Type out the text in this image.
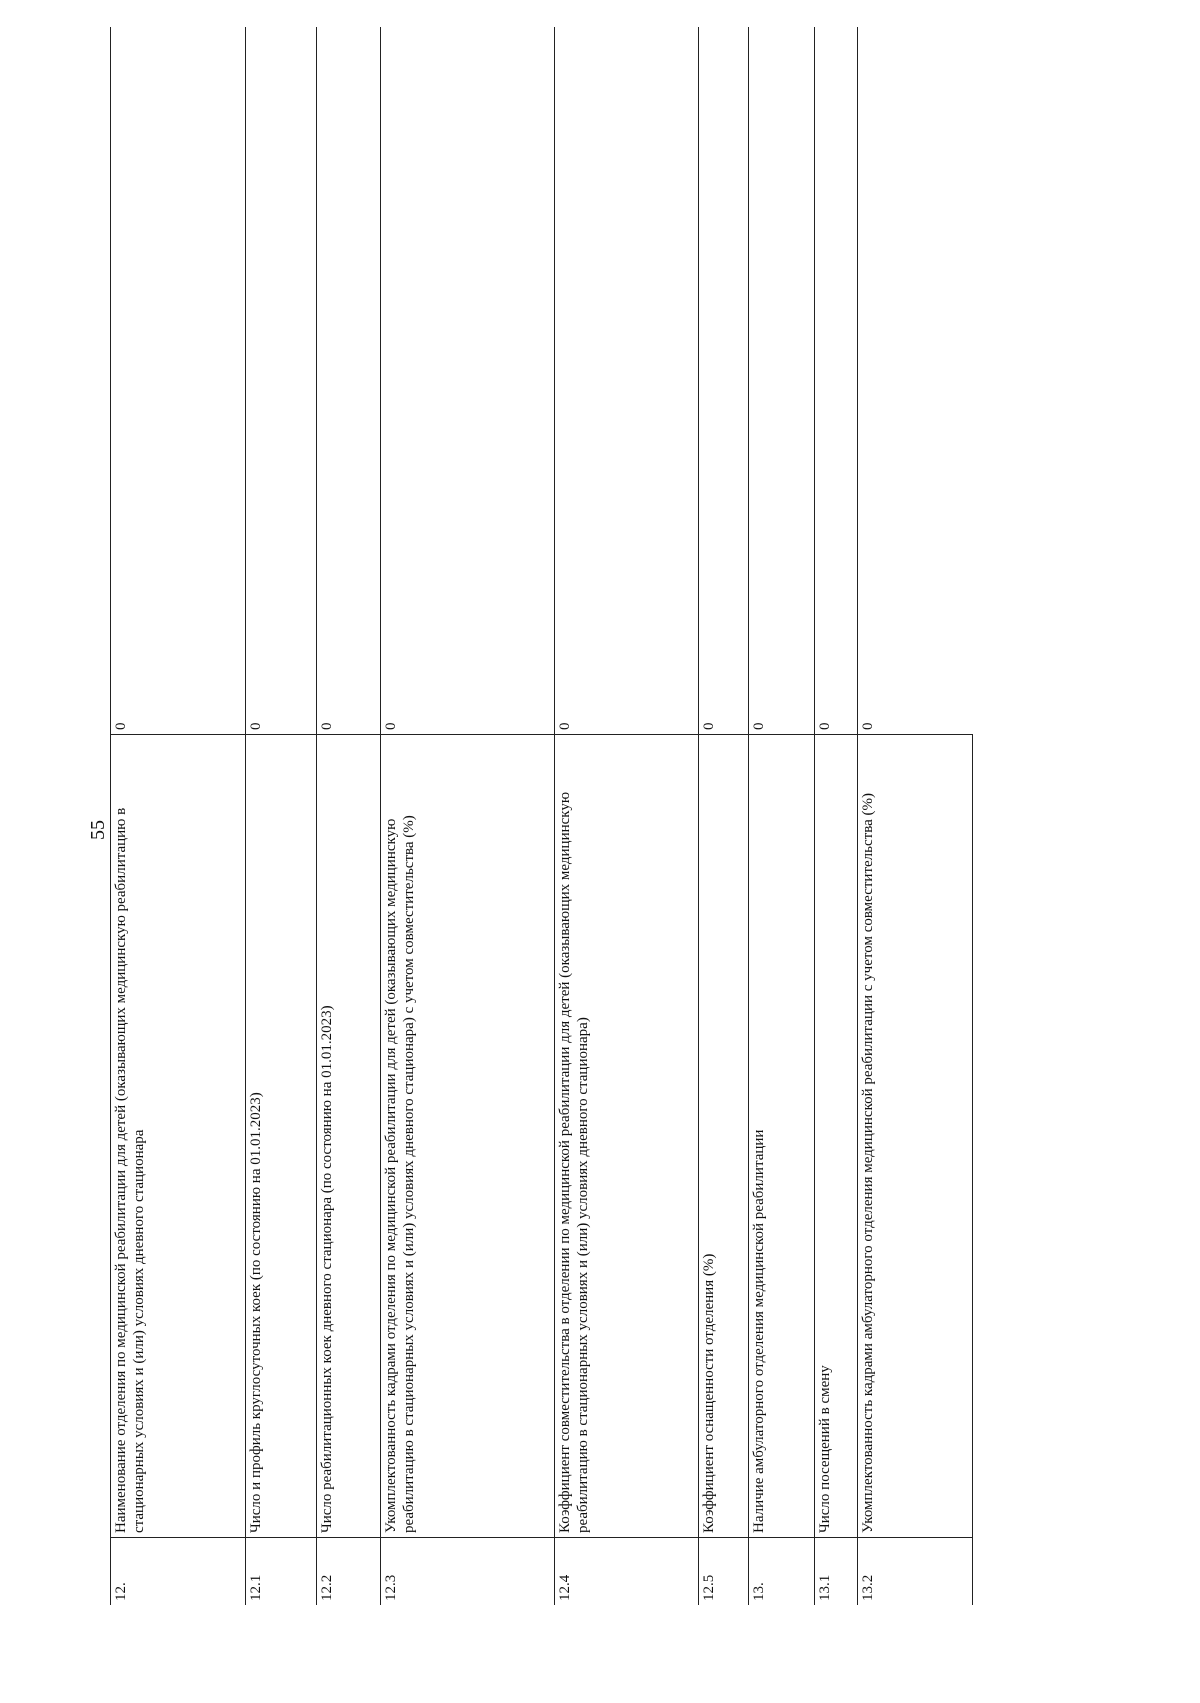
55
12.	Наименование отделения по медицинской реабилитации для детей (оказывающих медицинскую реабилитацию в стационарных условиях и (или) условиях дневного стационара	0
12.1	Число и профиль круглосуточных коек (по состоянию на 01.01.2023)	0
12.2	Число реабилитационных коек дневного стационара (по состоянию на 01.01.2023)	0
12.3	Укомплектованность кадрами отделения по медицинской реабилитации для детей (оказывающих медицинскую реабилитацию в стационарных условиях и (или) условиях дневного стационара) с учетом совместительства (%)	0
12.4	Коэффициент совместительства в отделении по медицинской реабилитации для детей (оказывающих медицинскую реабилитацию в стационарных условиях и (или) условиях дневного стационара)	0
12.5	Коэффициент оснащенности отделения (%)	0
13.	Наличие амбулаторного отделения медицинской реабилитации	0
13.1	Число посещений в смену	0
13.2	Укомплектованность кадрами амбулаторного отделения медицинской реабилитации с учетом совместительства (%)	0
